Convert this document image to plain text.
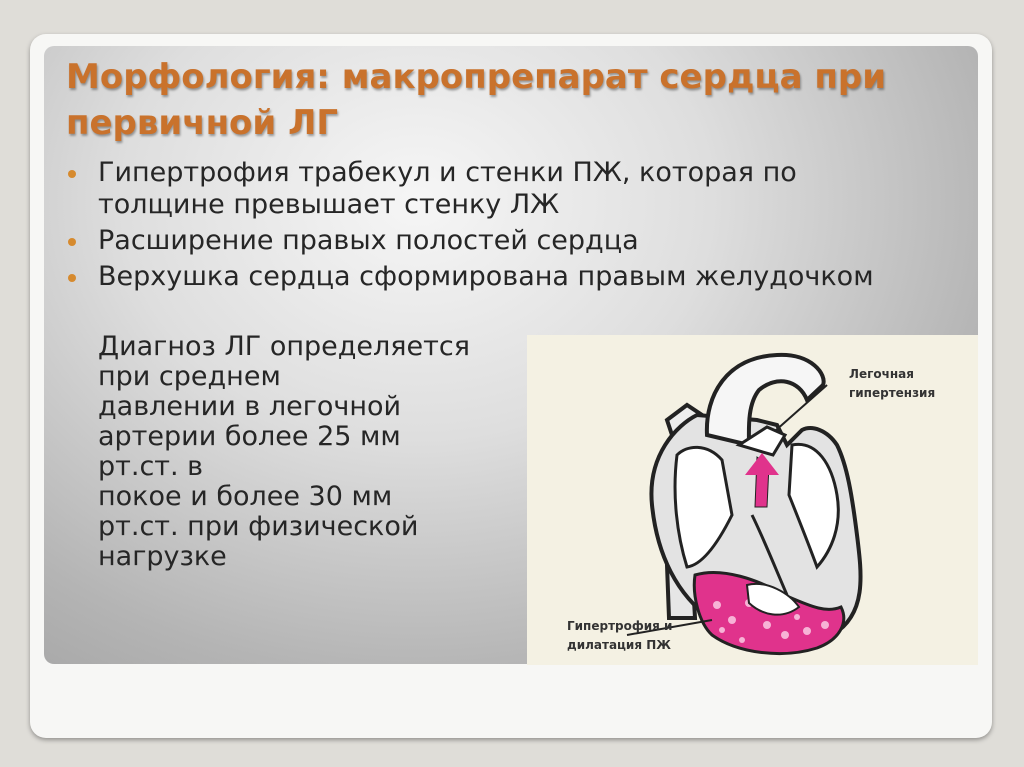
Морфология: макропрепарат сердца при первичной ЛГ
Гипертрофия трабекул и стенки ПЖ, которая по толщине превышает стенку ЛЖ
Расширение правых полостей сердца
Верхушка сердца сформирована правым желудочком

Диагноз ЛГ определяется
при среднем
давлении в легочной
артерии более 25 мм
рт.ст. в
покое и более 30 мм
рт.ст. при физической
нагрузке

Легочная гипертензия
Гипертрофия и дилатация ПЖ
